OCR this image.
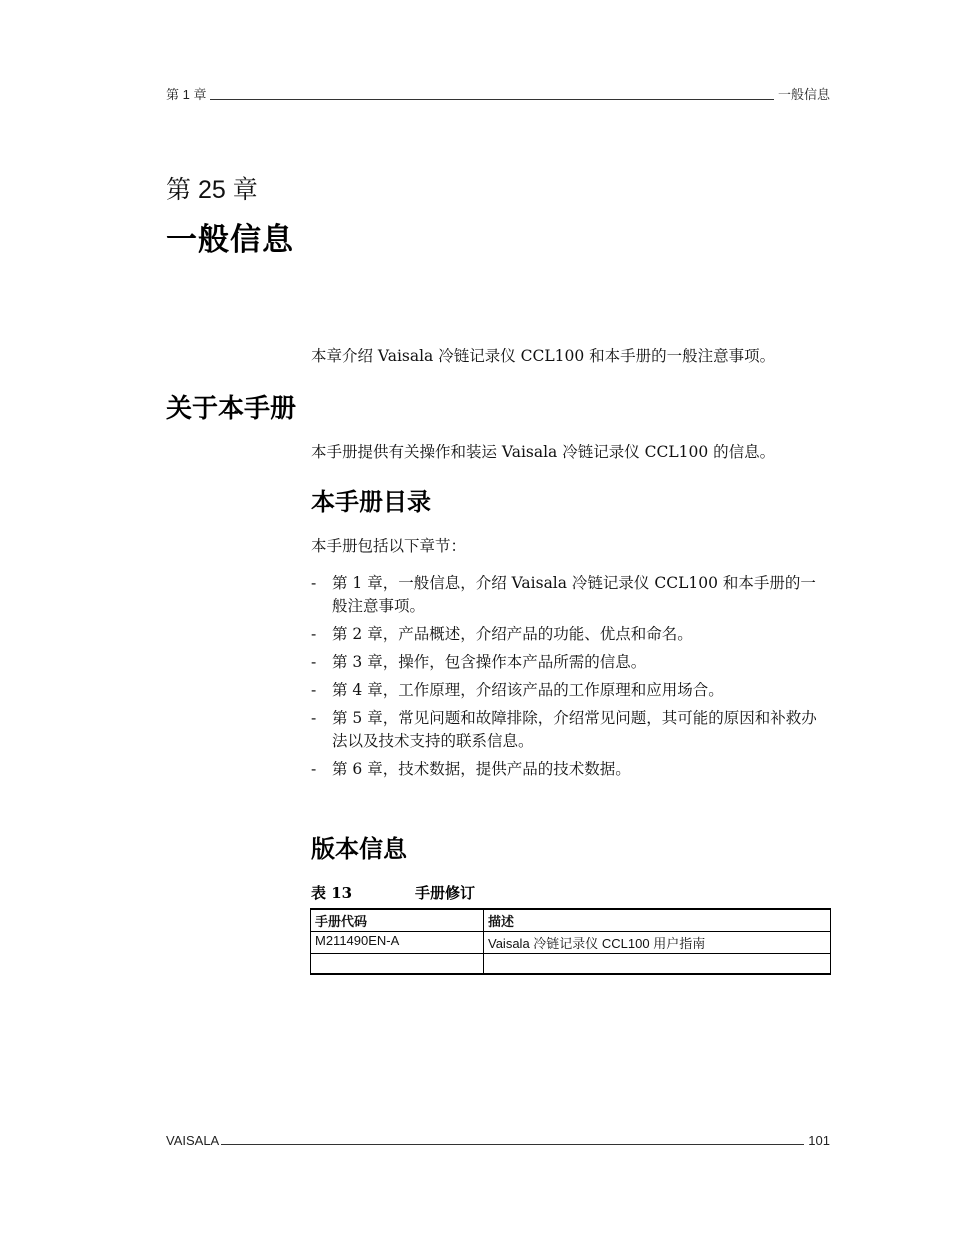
第 1 章	一般信息
第 25 章
一般信息
本章介绍 Vaisala 冷链记录仪 CCL100 和本手册的一般注意事项。
关于本手册
本手册提供有关操作和装运 Vaisala 冷链记录仪 CCL100 的信息。
本手册目录
本手册包括以下章节：
- 第 1 章，一般信息，介绍 Vaisala 冷链记录仪 CCL100 和本手册的一般注意事项。
- 第 2 章，产品概述，介绍产品的功能、优点和命名。
- 第 3 章，操作，包含操作本产品所需的信息。
- 第 4 章，工作原理，介绍该产品的工作原理和应用场合。
- 第 5 章，常见问题和故障排除，介绍常见问题，其可能的原因和补救办法以及技术支持的联系信息。
- 第 6 章，技术数据，提供产品的技术数据。
版本信息
表 13	手册修订
手册代码	描述
M211490EN-A	Vaisala 冷链记录仪 CCL100 用户指南

VAISALA	101
